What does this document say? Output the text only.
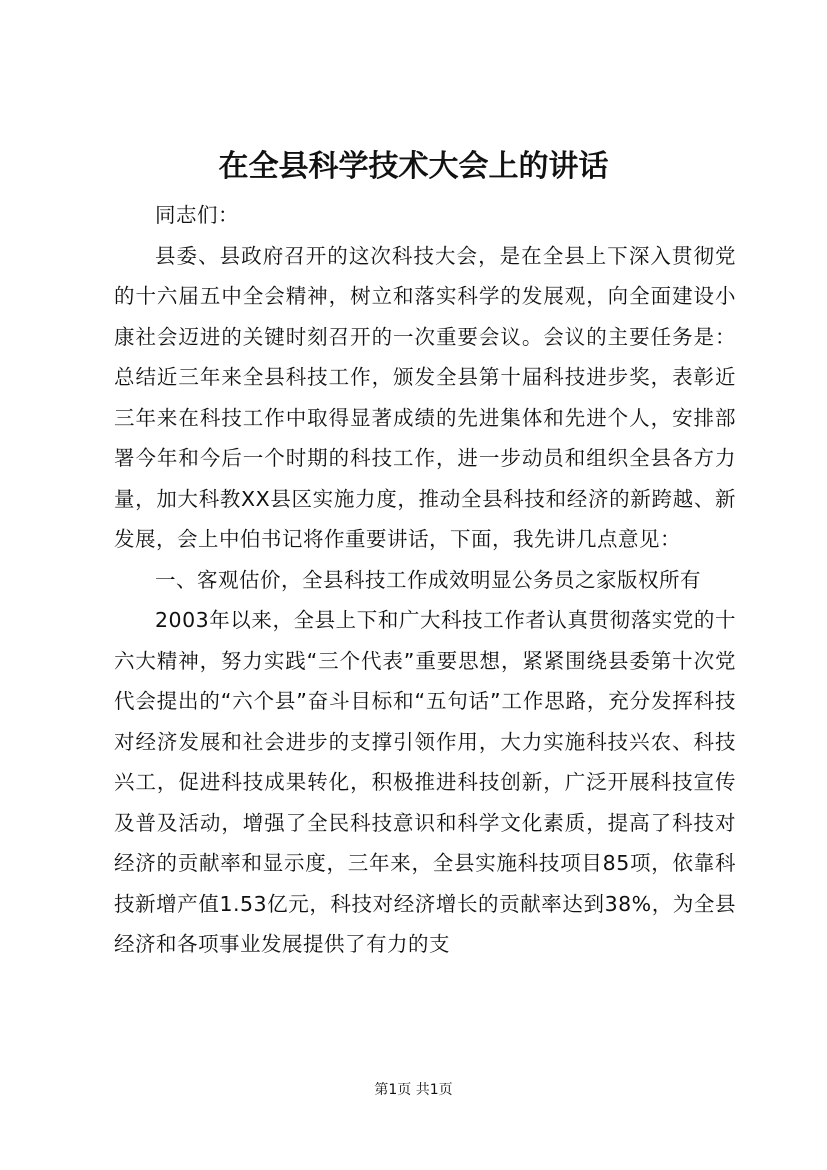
在全县科学技术大会上的讲话

同志们：

县委、县政府召开的这次科技大会，是在全县上下深入贯彻党的十六届五中全会精神，树立和落实科学的发展观，向全面建设小康社会迈进的关键时刻召开的一次重要会议。会议的主要任务是：总结近三年来全县科技工作，颁发全县第十届科技进步奖，表彰近三年来在科技工作中取得显著成绩的先进集体和先进个人，安排部署今年和今后一个时期的科技工作，进一步动员和组织全县各方力量，加大科教XX县区实施力度，推动全县科技和经济的新跨越、新发展，会上中伯书记将作重要讲话，下面，我先讲几点意见：

一、客观估价，全县科技工作成效明显公务员之家版权所有

2003年以来，全县上下和广大科技工作者认真贯彻落实党的十六大精神，努力实践“三个代表”重要思想，紧紧围绕县委第十次党代会提出的“六个县”奋斗目标和“五句话”工作思路，充分发挥科技对经济发展和社会进步的支撑引领作用，大力实施科技兴农、科技兴工，促进科技成果转化，积极推进科技创新，广泛开展科技宣传及普及活动，增强了全民科技意识和科学文化素质，提高了科技对经济的贡献率和显示度，三年来，全县实施科技项目85项，依靠科技新增产值1.53亿元，科技对经济增长的贡献率达到38%，为全县经济和各项事业发展提供了有力的支

第1页 共1页
